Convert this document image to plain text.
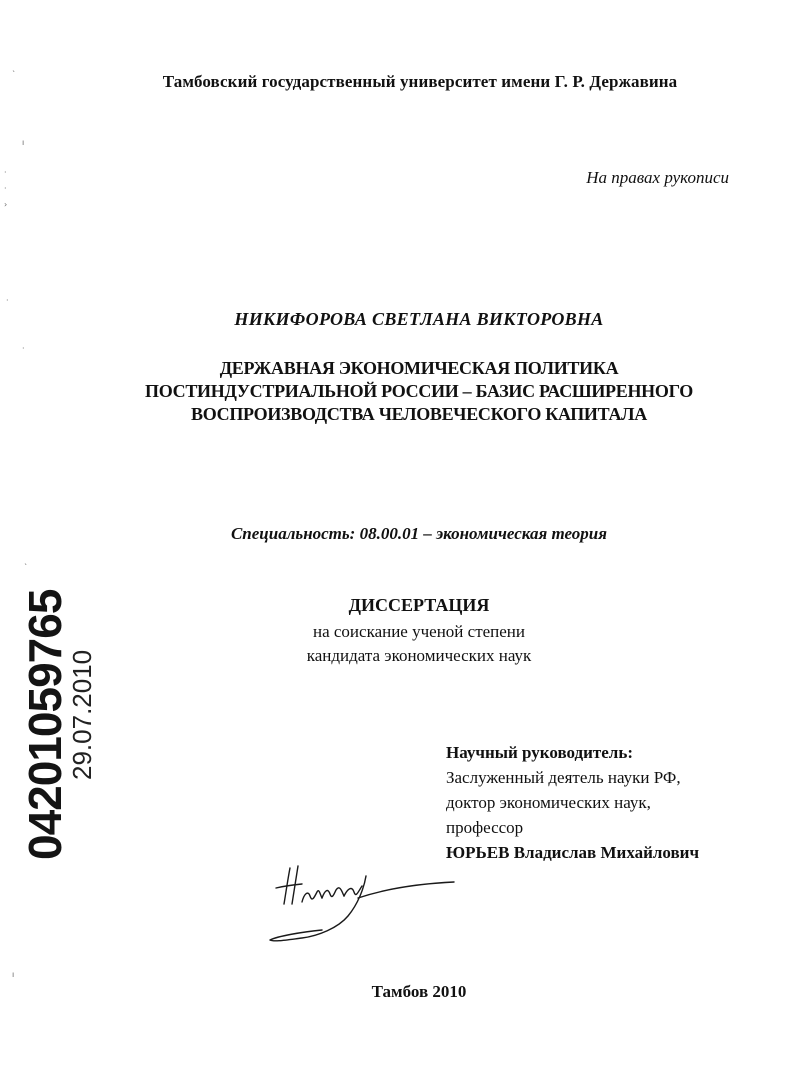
Тамбовский государственный университет имени Г. Р. Державина
На правах рукописи
НИКИФОРОВА СВЕТЛАНА ВИКТОРОВНА
ДЕРЖАВНАЯ ЭКОНОМИЧЕСКАЯ ПОЛИТИКА
ПОСТИНДУСТРИАЛЬНОЙ РОССИИ – БАЗИС РАСШИРЕННОГО
ВОСПРОИЗВОДСТВА ЧЕЛОВЕЧЕСКОГО КАПИТАЛА
Специальность: 08.00.01 – экономическая теория
ДИССЕРТАЦИЯ
на соискание ученой степени
кандидата экономических наук
Научный руководитель:
Заслуженный деятель науки РФ,
доктор экономических наук,
профессор
ЮРЬЕВ Владислав Михайлович
Тамбов 2010
04201059765
29.07.2010
ˋ
ı
·
·
›
·
·
ˎ
ı
